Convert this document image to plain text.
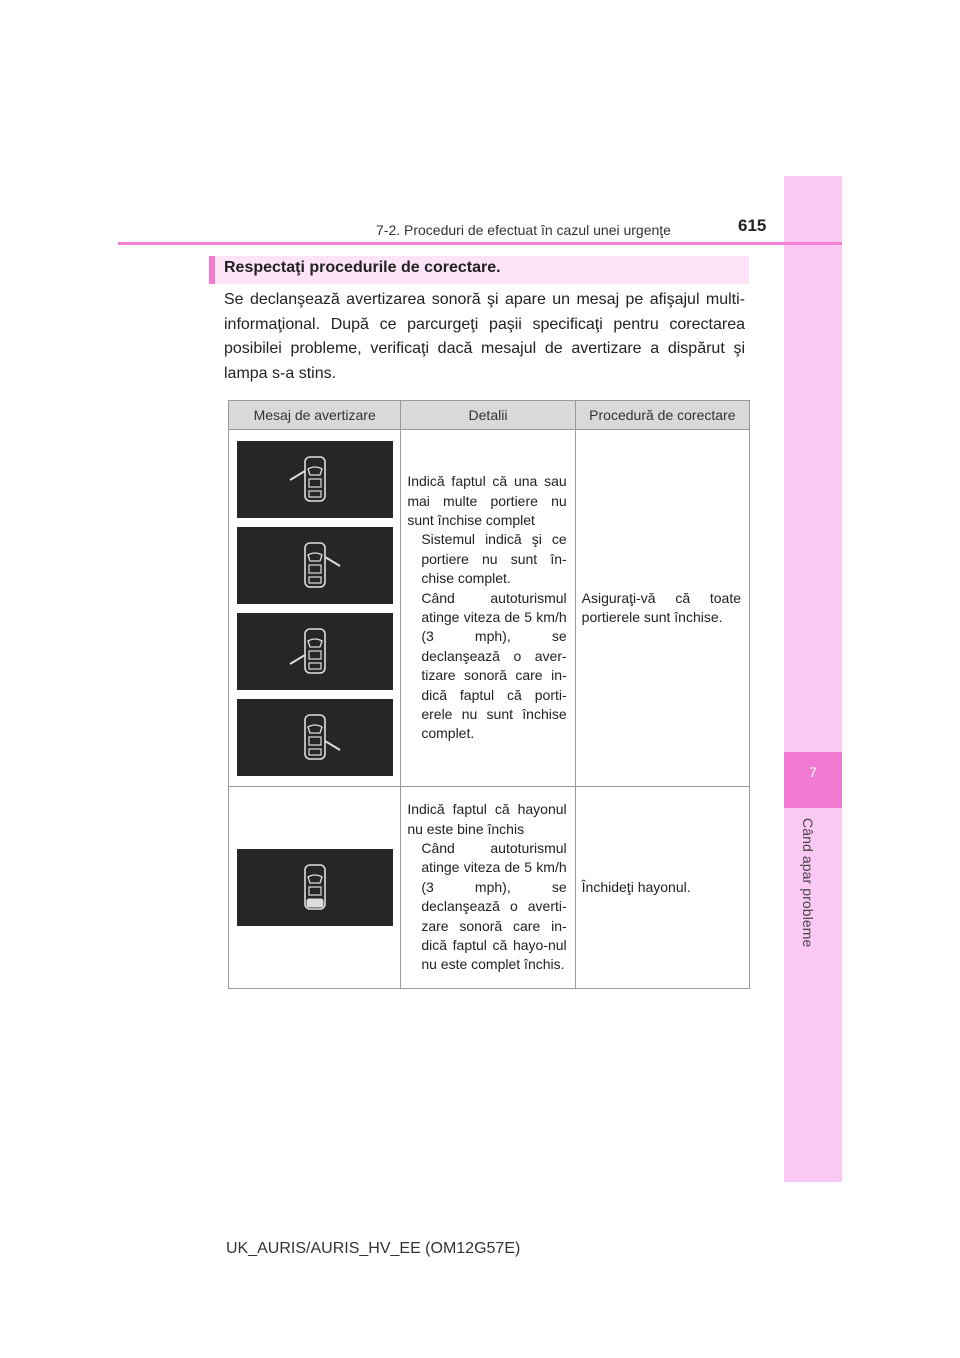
7
Când apar probleme
7-2. Proceduri de efectuat în cazul unei urgenţe	615
Respectaţi procedurile de corectare.
Se declanşează avertizarea sonoră şi apare un mesaj pe afişajul multi-informaţional. După ce parcurgeţi paşii specificaţi pentru corectarea posibilei probleme, verificaţi dacă mesajul de avertizare a dispărut şi lampa s-a stins.
Mesaj de avertizare	Detalii	Procedură de corectare

Indică faptul că una sau mai multe portiere nu sunt închise complet
Sistemul indică şi ce portiere nu sunt în-chise complet.
Când autoturismul atinge viteza de 5 km/h (3 mph), se declanşează o aver-tizare sonoră care in-dică faptul că porti-erele nu sunt închise complet.	Asiguraţi-vă că toate portierele sunt închise.

Indică faptul că hayonul nu este bine închis
Când autoturismul atinge viteza de 5 km/h (3 mph), se declanşează o averti-zare sonoră care in-dică faptul că hayo-nul nu este complet închis.	Închideţi hayonul.
UK_AURIS/AURIS_HV_EE (OM12G57E)
